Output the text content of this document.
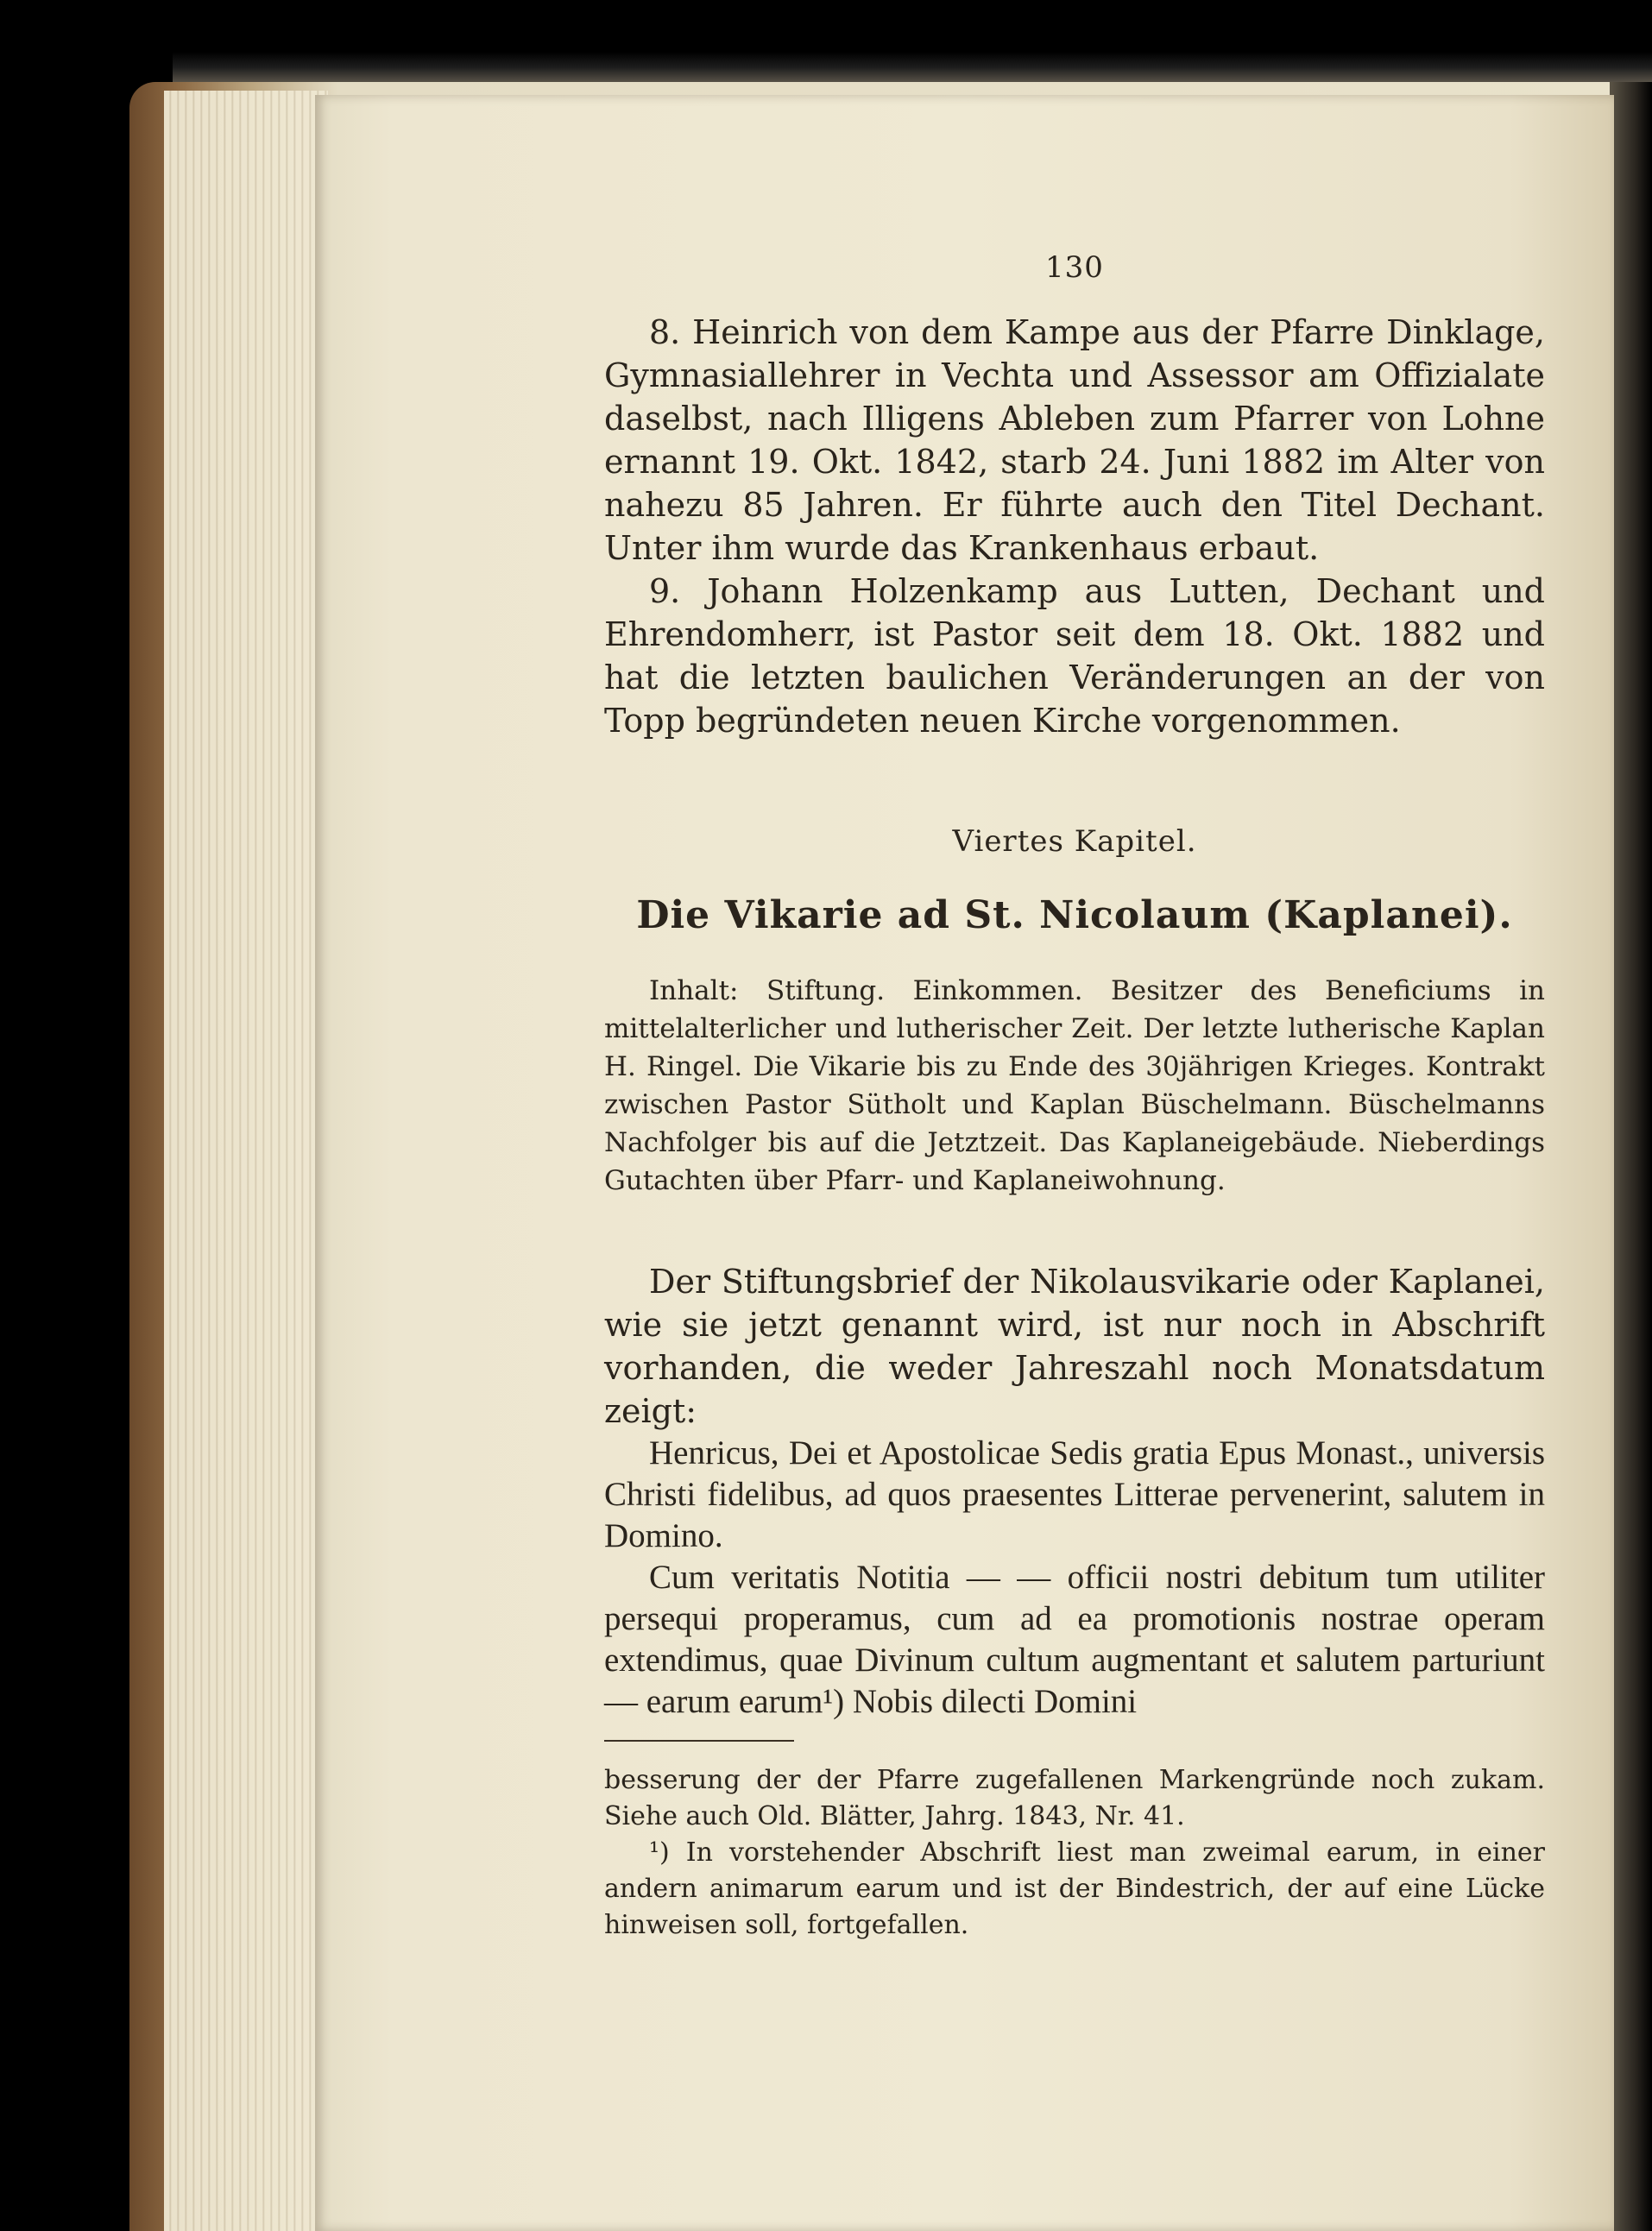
130

8. Heinrich von dem Kampe aus der Pfarre Dinklage, Gymnasiallehrer in Vechta und Assessor am Offizialate daselbst, nach Illigens Ableben zum Pfarrer von Lohne ernannt 19. Okt. 1842, starb 24. Juni 1882 im Alter von nahezu 85 Jahren. Er führte auch den Titel Dechant. Unter ihm wurde das Krankenhaus erbaut.

9. Johann Holzenkamp aus Lutten, Dechant und Ehrendomherr, ist Pastor seit dem 18. Okt. 1882 und hat die letzten baulichen Veränderungen an der von Topp begründeten neuen Kirche vorgenommen.

Viertes Kapitel.
Die Vikarie ad St. Nicolaum (Kaplanei).

Inhalt: Stiftung. Einkommen. Besitzer des Beneficiums in mittelalterlicher und lutherischer Zeit. Der letzte lutherische Kaplan H. Ringel. Die Vikarie bis zu Ende des 30jährigen Krieges. Kontrakt zwischen Pastor Sütholt und Kaplan Büschelmann. Büschelmanns Nachfolger bis auf die Jetztzeit. Das Kaplaneigebäude. Nieberdings Gutachten über Pfarr- und Kaplaneiwohnung.

Der Stiftungsbrief der Nikolausvikarie oder Kaplanei, wie sie jetzt genannt wird, ist nur noch in Abschrift vorhanden, die weder Jahreszahl noch Monatsdatum zeigt:

Henricus, Dei et Apostolicae Sedis gratia Epus Monast., universis Christi fidelibus, ad quos praesentes Litterae pervenerint, salutem in Domino.

Cum veritatis Notitia — — officii nostri debitum tum utiliter persequi properamus, cum ad ea promotionis nostrae operam extendimus, quae Divinum cultum augmentant et salutem parturiunt — earum earum¹) Nobis dilecti Domini

besserung der der Pfarre zugefallenen Markengründe noch zukam. Siehe auch Old. Blätter, Jahrg. 1843, Nr. 41.

¹) In vorstehender Abschrift liest man zweimal earum, in einer andern animarum earum und ist der Bindestrich, der auf eine Lücke hinweisen soll, fortgefallen.
